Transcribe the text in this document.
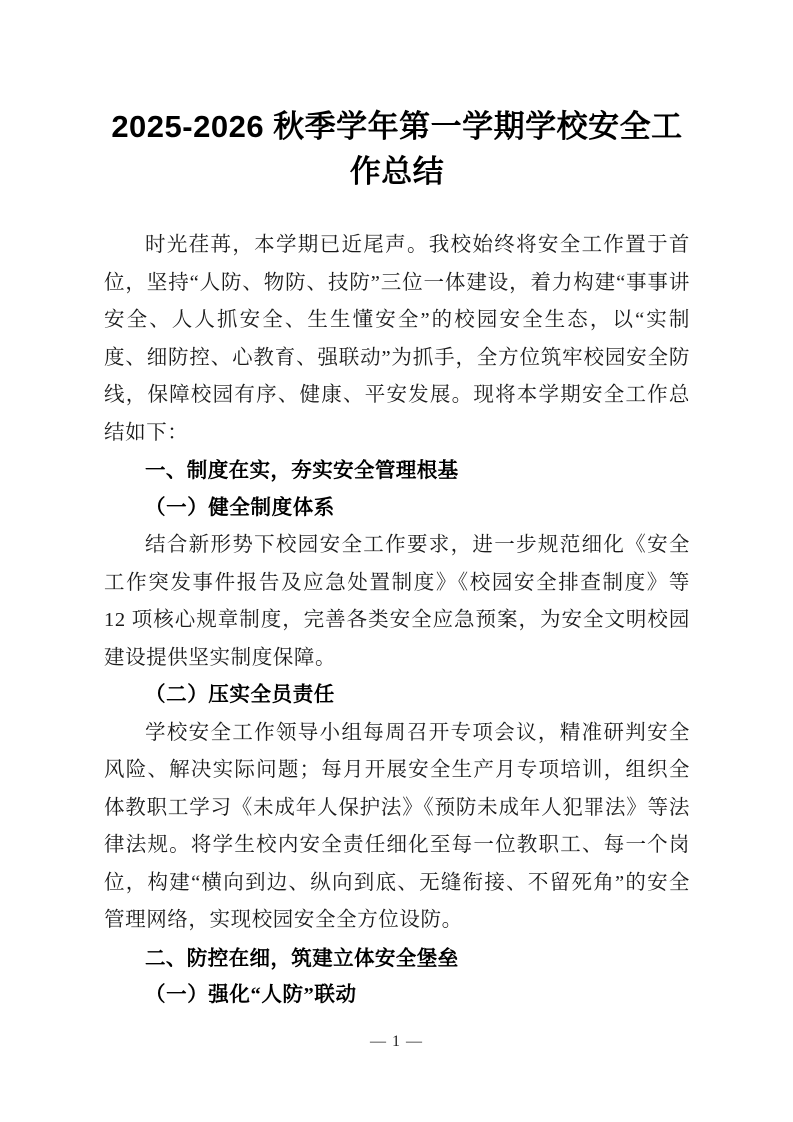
2025-2026 秋季学年第一学期学校安全工作总结

时光荏苒，本学期已近尾声。我校始终将安全工作置于首位，坚持“人防、物防、技防”三位一体建设，着力构建“事事讲安全、人人抓安全、生生懂安全”的校园安全生态，以“实制度、细防控、心教育、强联动”为抓手，全方位筑牢校园安全防线，保障校园有序、健康、平安发展。现将本学期安全工作总结如下：

一、制度在实，夯实安全管理根基
（一）健全制度体系

结合新形势下校园安全工作要求，进一步规范细化《安全工作突发事件报告及应急处置制度》《校园安全排查制度》等 12 项核心规章制度，完善各类安全应急预案，为安全文明校园建设提供坚实制度保障。

（二）压实全员责任

学校安全工作领导小组每周召开专项会议，精准研判安全风险、解决实际问题；每月开展安全生产月专项培训，组织全体教职工学习《未成年人保护法》《预防未成年人犯罪法》等法律法规。将学生校内安全责任细化至每一位教职工、每一个岗位，构建“横向到边、纵向到底、无缝衔接、不留死角”的安全管理网络，实现校园安全全方位设防。

二、防控在细，筑建立体安全堡垒
（一）强化“人防”联动
— 1 —
